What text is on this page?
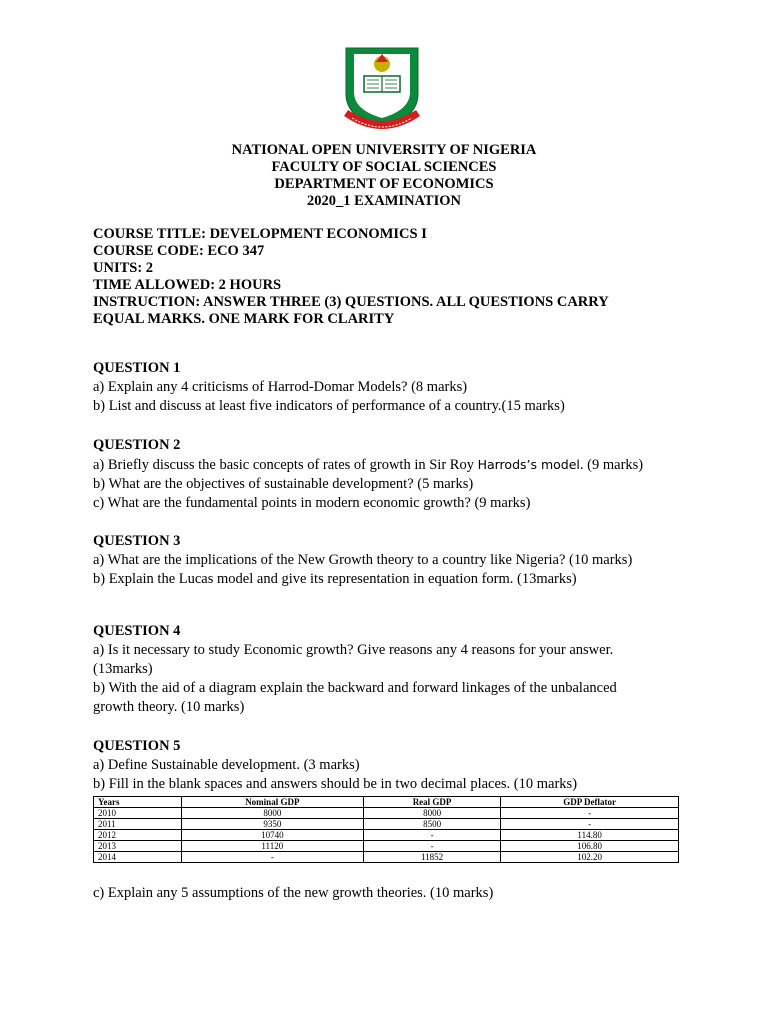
NATIONAL OPEN UNIVERSITY OF NIGERIA
FACULTY OF SOCIAL SCIENCES
DEPARTMENT OF ECONOMICS
2020_1 EXAMINATION
COURSE TITLE: DEVELOPMENT ECONOMICS I
COURSE CODE: ECO 347
UNITS: 2
TIME ALLOWED: 2 HOURS
INSTRUCTION: ANSWER THREE (3) QUESTIONS. ALL QUESTIONS CARRY
EQUAL MARKS. ONE MARK FOR CLARITY
QUESTION 1
a) Explain any 4 criticisms of Harrod-Domar Models? (8 marks)
b) List and discuss at least five indicators of performance of a country.(15 marks)
QUESTION 2
a) Briefly discuss the basic concepts of rates of growth in Sir Roy Harrods’s model. (9 marks)
b) What are the objectives of sustainable development? (5 marks)
c) What are the fundamental points in modern economic growth? (9 marks)
QUESTION 3
a) What are the implications of the New Growth theory to a country like Nigeria? (10 marks)
b) Explain the Lucas model and give its representation in equation form. (13marks)
QUESTION 4
a) Is it necessary to study Economic growth? Give reasons any 4 reasons for your answer.
(13marks)
b) With the aid of a diagram explain the backward and forward linkages of the unbalanced
growth theory. (10 marks)
QUESTION 5
a) Define Sustainable development. (3 marks)
b) Fill in the blank spaces and answers should be in two decimal places. (10 marks)
Years	Nominal GDP	Real GDP	GDP Deflator
2010	8000	8000	-
2011	9350	8500	-
2012	10740	-	114.80
2013	11120	-	106.80
2014	-	11852	102.20
c) Explain any 5 assumptions of the new growth theories. (10 marks)
